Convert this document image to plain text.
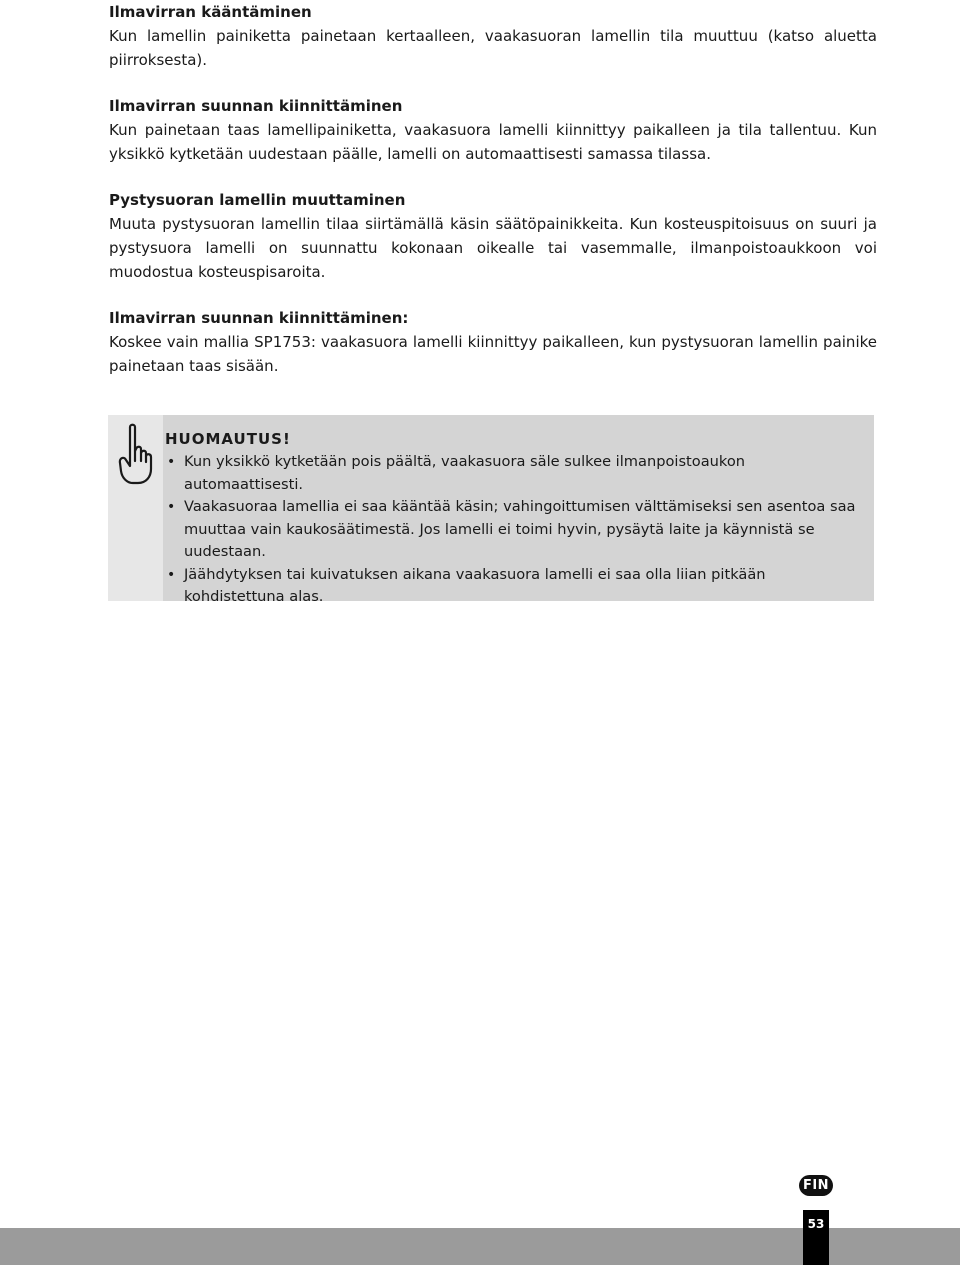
Ilmavirran kääntäminen

Kun lamellin painiketta painetaan kertaalleen, vaakasuoran lamellin tila muuttuu (katso aluetta piirroksesta).

Ilmavirran suunnan kiinnittäminen

Kun painetaan taas lamellipainiketta, vaakasuora lamelli kiinnittyy paikalleen ja tila tallentuu. Kun yksikkö kytketään uudestaan päälle, lamelli on automaattisesti samassa tilassa.

Pystysuoran lamellin muuttaminen

Muuta pystysuoran lamellin tilaa siirtämällä käsin säätöpainikkeita. Kun kosteuspitoisuus on suuri ja pystysuora lamelli on suunnattu kokonaan oikealle tai vasemmalle, ilmanpoistoaukkoon voi muodostua kosteuspisaroita.

Ilmavirran suunnan kiinnittäminen:

Koskee vain mallia SP1753: vaakasuora lamelli kiinnittyy paikalleen, kun pystysuoran lamellin painike painetaan taas sisään.

HUOMAUTUS!

• Kun yksikkö kytketään pois päältä, vaakasuora säle sulkee ilmanpoistoaukon automaattisesti.
• Vaakasuoraa lamellia ei saa kääntää käsin; vahingoittumisen välttämiseksi sen asentoa saa muuttaa vain kaukosäätimestä. Jos lamelli ei toimi hyvin, pysäytä laite ja käynnistä se uudestaan.
• Jäähdytyksen tai kuivatuksen aikana vaakasuora lamelli ei saa olla liian pitkään kohdistettuna alas.
FIN
53
